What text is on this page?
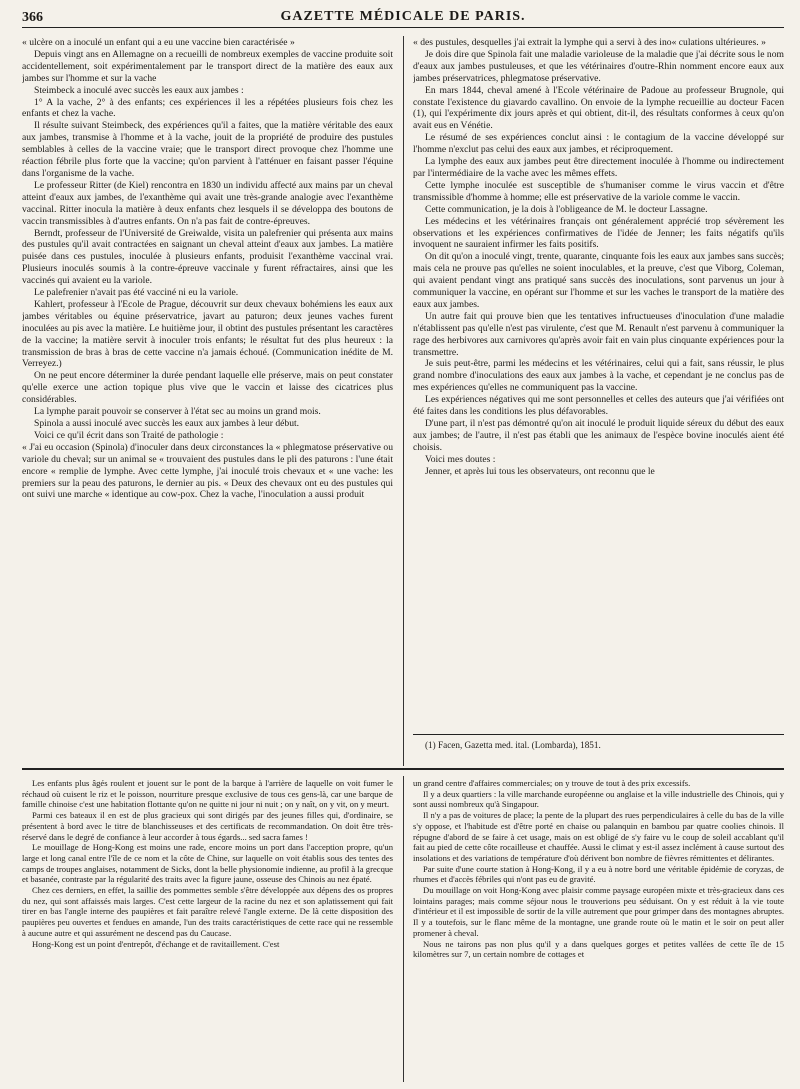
366	GAZETTE MÉDICALE DE PARIS.

« ulcère on a inoculé un enfant qui a eu une vaccine bien caractérisée »

Depuis vingt ans en Allemagne on a recueilli de nombreux exemples de vaccine produite soit accidentellement, soit expérimentalement par le transport direct de la matière des eaux aux jambes sur l'homme et sur la vache

Steimbeck a inoculé avec succès les eaux aux jambes :

1° A la vache, 2° à des enfants; ces expériences il les a répétées plusieurs fois chez les enfants et chez la vache.

Il résulte suivant Steimbeck, des expériences qu'il a faites, que la matière véritable des eaux aux jambes, transmise à l'homme et à la vache, jouit de la propriété de produire des pustules semblables à celles de la vaccine vraie; que le transport direct provoque chez l'homme une réaction fébrile plus forte que la vaccine; qu'on parvient à l'atténuer en faisant passer l'équine dans l'organisme de la vache.

Le professeur Ritter (de Kiel) rencontra en 1830 un individu affecté aux mains par un cheval atteint d'eaux aux jambes, de l'exanthème qui avait une très-grande analogie avec l'exanthème vaccinal. Ritter inocula la matière à deux enfants chez lesquels il se développa des boutons de vaccin transmissibles à d'autres enfants. On n'a pas fait de contre-épreuves.

Berndt, professeur de l'Université de Greiwalde, visita un palefrenier qui présenta aux mains des pustules qu'il avait contractées en saignant un cheval atteint d'eaux aux jambes. La matière puisée dans ces pustules, inoculée à plusieurs enfants, produisit l'exanthème vaccinal vrai. Plusieurs inoculés soumis à la contre-épreuve vaccinale y furent réfractaires, ainsi que les vaccinés qui avaient eu la variole.

Le palefrenier n'avait pas été vacciné ni eu la variole.

Kahlert, professeur à l'Ecole de Prague, découvrit sur deux chevaux bohémiens les eaux aux jambes véritables ou équine préservatrice, javart au paturon; deux jeunes vaches furent inoculées au pis avec la matière. Le huitième jour, il obtint des pustules présentant les caractères de la vaccine; la matière servit à inoculer trois enfants; le résultat fut des plus heureux : la transmission de bras à bras de cette vaccine n'a jamais échoué. (Communication inédite de M. Verreyez.)

On ne peut encore déterminer la durée pendant laquelle elle préserve, mais on peut constater qu'elle exerce une action topique plus vive que le vaccin et laisse des cicatrices plus considérables.

La lymphe parait pouvoir se conserver à l'état sec au moins un grand mois.

Spinola a aussi inoculé avec succès les eaux aux jambes à leur début.

Voici ce qu'il écrit dans son Traité de pathologie :

« J'ai eu occasion (Spinola) d'inoculer dans deux circonstances la « phlegmatose préservative ou variole du cheval; sur un animal se « trouvaient des pustules dans le pli des paturons : l'une était encore « remplie de lymphe. Avec cette lymphe, j'ai inoculé trois chevaux et « une vache: les premiers sur la peau des paturons, le dernier au pis. « Deux des chevaux ont eu des pustules qui ont suivi une marche « identique au cow-pox. Chez la vache, l'inoculation a aussi produit

« des pustules, desquelles j'ai extrait la lymphe qui a servi à des ino« culations ultérieures. »

Je dois dire que Spinola fait une maladie varioleuse de la maladie que j'ai décrite sous le nom d'eaux aux jambes pustuleuses, et que les vétérinaires d'outre-Rhin nomment encore eaux aux jambes préservatrices, phlegmatose préservative.

En mars 1844, cheval amené à l'Ecole vétérinaire de Padoue au professeur Brugnole, qui constate l'existence du giavardo cavallino. On envoie de la lymphe recueillie au docteur Facen (1), qui l'expérimente dix jours après et qui obtient, dit-il, des résultats conformes à ceux qu'on avait eus en Vénétie.

Le résumé de ses expériences conclut ainsi : le contagium de la vaccine développé sur l'homme n'exclut pas celui des eaux aux jambes, et réciproquement.

La lymphe des eaux aux jambes peut être directement inoculée à l'homme ou indirectement par l'intermédiaire de la vache avec les mêmes effets.

Cette lymphe inoculée est susceptible de s'humaniser comme le virus vaccin et d'être transmissible d'homme à homme; elle est préservative de la variole comme le vaccin.

Cette communication, je la dois à l'obligeance de M. le docteur Lassagne.

Les médecins et les vétérinaires français ont généralement apprécié trop sévèrement les observations et les expériences confirmatives de l'idée de Jenner; les faits négatifs qu'ils invoquent ne sauraient infirmer les faits positifs.

On dit qu'on a inoculé vingt, trente, quarante, cinquante fois les eaux aux jambes sans succès; mais cela ne prouve pas qu'elles ne soient inoculables, et la preuve, c'est que Viborg, Coleman, qui avaient pendant vingt ans pratiqué sans succès des inoculations, sont parvenus un jour à communiquer la vaccine, en opérant sur l'homme et sur les vaches le transport de la matière des eaux aux jambes.

Un autre fait qui prouve bien que les tentatives infructueuses d'inoculation d'une maladie n'établissent pas qu'elle n'est pas virulente, c'est que M. Renault n'est parvenu à communiquer la rage des herbivores aux carnivores qu'après avoir fait en vain plus cinquante expériences pour la transmettre.

Je suis peut-être, parmi les médecins et les vétérinaires, celui qui a fait, sans réussir, le plus grand nombre d'inoculations des eaux aux jambes à la vache, et cependant je ne conclus pas de mes expériences qu'elles ne communiquent pas la vaccine.

Les expériences négatives qui me sont personnelles et celles des auteurs que j'ai vérifiées ont été faites dans les conditions les plus défavorables.

D'une part, il n'est pas démontré qu'on ait inoculé le produit liquide séreux du début des eaux aux jambes; de l'autre, il n'est pas établi que les animaux de l'espèce bovine inoculés aient été choisis.

Voici mes doutes :

Jenner, et après lui tous les observateurs, ont reconnu que le

(1) Facen, Gazetta med. ital. (Lombarda), 1851.

Les enfants plus âgés roulent et jouent sur le pont de la barque à l'arrière de laquelle on voit fumer le réchaud où cuisent le riz et le poisson, nourriture presque exclusive de tous ces gens-là, car une barque de famille chinoise c'est une habitation flottante qu'on ne quitte ni jour ni nuit ; on y naît, on y vit, on y meurt.

Parmi ces bateaux il en est de plus gracieux qui sont dirigés par des jeunes filles qui, d'ordinaire, se présentent à bord avec le titre de blanchisseuses et des certificats de recommandation. On doit être très-réservé dans le degré de confiance à leur accorder à tous égards... sed sacra fames !

Le mouillage de Hong-Kong est moins une rade, encore moins un port dans l'acception propre, qu'un large et long canal entre l'île de ce nom et la côte de Chine, sur laquelle on voit établis sous des tentes des camps de troupes anglaises, notamment de Sicks, dont la belle physionomie indienne, au profil à la grecque et basanée, contraste par la régularité des traits avec la figure jaune, osseuse des Chinois au nez épaté.

Chez ces derniers, en effet, la saillie des pommettes semble s'être développée aux dépens des os propres du nez, qui sont affaissés mais larges. C'est cette largeur de la racine du nez et son aplatissement qui fait tirer en bas l'angle interne des paupières et fait paraître relevé l'angle externe. De là cette disposition des paupières peu ouvertes et fendues en amande, l'un des traits caractéristiques de cette race qui ne ressemble à aucune autre et qui assurément ne descend pas du Caucase.

Hong-Kong est un point d'entrepôt, d'échange et de ravitaillement. C'est

un grand centre d'affaires commerciales; on y trouve de tout à des prix excessifs.

Il y a deux quartiers : la ville marchande européenne ou anglaise et la ville industrielle des Chinois, qui y sont aussi nombreux qu'à Singapour.

Il n'y a pas de voitures de place; la pente de la plupart des rues perpendiculaires à celle du bas de la ville s'y oppose, et l'habitude est d'être porté en chaise ou palanquin en bambou par quatre coolies chinois. Il répugne d'abord de se faire à cet usage, mais on est obligé de s'y faire vu le coup de soleil accablant qu'il fait au pied de cette côte rocailleuse et chauffée. Aussi le climat y est-il assez inclément à cause surtout des insolations et des variations de température d'où dérivent bon nombre de fièvres rémittentes et délirantes.

Par suite d'une courte station à Hong-Kong, il y a eu à notre bord une véritable épidémie de coryzas, de rhumes et d'accès fébriles qui n'ont pas eu de gravité.

Du mouillage on voit Hong-Kong avec plaisir comme paysage européen mixte et très-gracieux dans ces lointains parages; mais comme séjour nous le trouverions peu séduisant. On y est réduit à la vie toute d'intérieur et il est impossible de sortir de la ville autrement que pour grimper dans des montagnes abruptes. Il y a toutefois, sur le flanc même de la montagne, une grande route où le matin et le soir on peut aller promener à cheval.

Nous ne tairons pas non plus qu'il y a dans quelques gorges et petites vallées de cette île de 15 kilomètres sur 7, un certain nombre de cottages et
